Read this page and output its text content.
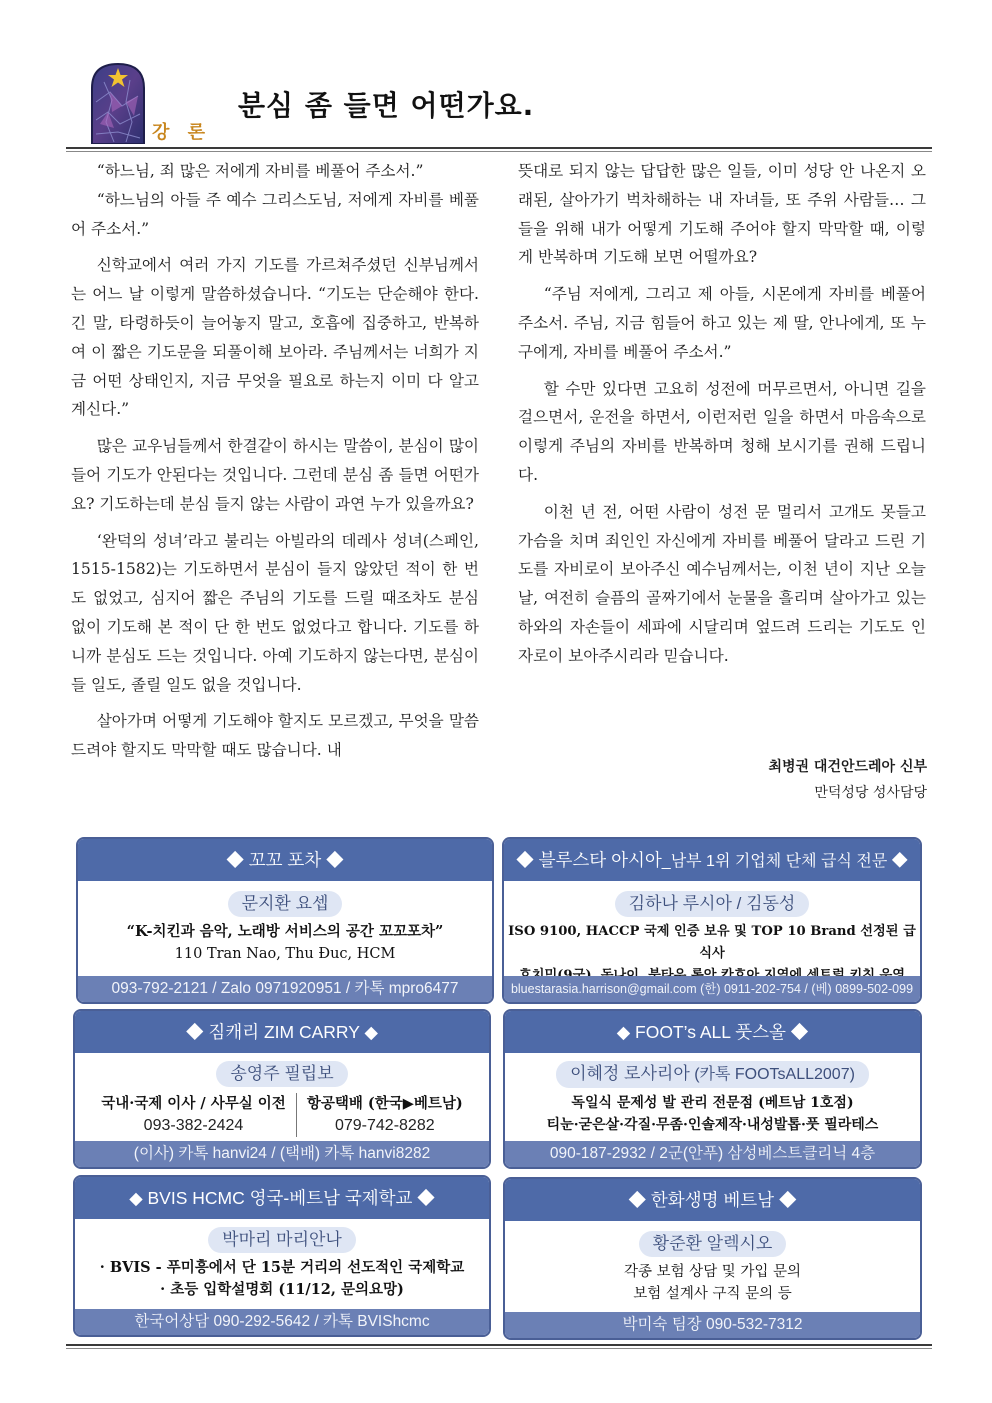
강 론
분심 좀 들면 어떤가요.

“하느님, 죄 많은 저에게 자비를 베풀어 주소서.”

“하느님의 아들 주 예수 그리스도님, 저에게 자비를 베풀어 주소서.”

신학교에서 여러 가지 기도를 가르쳐주셨던 신부님께서는 어느 날 이렇게 말씀하셨습니다. “기도는 단순해야 한다. 긴 말, 타령하듯이 늘어놓지 말고, 호흡에 집중하고, 반복하여 이 짧은 기도문을 되풀이해 보아라. 주님께서는 너희가 지금 어떤 상태인지, 지금 무엇을 필요로 하는지 이미 다 알고 계신다.”

많은 교우님들께서 한결같이 하시는 말씀이, 분심이 많이 들어 기도가 안된다는 것입니다. 그런데 분심 좀 들면 어떤가요? 기도하는데 분심 들지 않는 사람이 과연 누가 있을까요?

‘완덕의 성녀’라고 불리는 아빌라의 데레사 성녀(스페인, 1515-1582)는 기도하면서 분심이 들지 않았던 적이 한 번도 없었고, 심지어 짧은 주님의 기도를 드릴 때조차도 분심 없이 기도해 본 적이 단 한 번도 없었다고 합니다. 기도를 하니까 분심도 드는 것입니다. 아예 기도하지 않는다면, 분심이 들 일도, 졸릴 일도 없을 것입니다.

살아가며 어떻게 기도해야 할지도 모르겠고, 무엇을 말씀드려야 할지도 막막할 때도 많습니다. 내

뜻대로 되지 않는 답답한 많은 일들, 이미 성당 안 나온지 오래된, 살아가기 벅차해하는 내 자녀들, 또 주위 사람들… 그들을 위해 내가 어떻게 기도해 주어야 할지 막막할 때, 이렇게 반복하며 기도해 보면 어떨까요?

“주님 저에게, 그리고 제 아들, 시몬에게 자비를 베풀어 주소서. 주님, 지금 힘들어 하고 있는 제 딸, 안나에게, 또 누구에게, 자비를 베풀어 주소서.”

할 수만 있다면 고요히 성전에 머무르면서, 아니면 길을 걸으면서, 운전을 하면서, 이런저런 일을 하면서 마음속으로 이렇게 주님의 자비를 반복하며 청해 보시기를 권해 드립니다.

이천 년 전, 어떤 사람이 성전 문 멀리서 고개도 못들고 가슴을 치며 죄인인 자신에게 자비를 베풀어 달라고 드린 기도를 자비로이 보아주신 예수님께서는, 이천 년이 지난 오늘날, 여전히 슬픔의 골짜기에서 눈물을 흘리며 살아가고 있는 하와의 자손들이 세파에 시달리며 엎드려 드리는 기도도 인자로이 보아주시리라 믿습니다.

최병권 대건안드레아 신부
만덕성당 성사담당
◆ 꼬꼬 포차 ◆
문지환 요셉
“K-치킨과 음악, 노래방 서비스의 공간 꼬꼬포차”
110 Tran Nao, Thu Đuc, HCM
093-792-2121 / Zalo 0971920951 / 카톡 mpro6477
◆ 블루스타 아시아_남부 1위 기업체 단체 급식 전문 ◆
김하나 루시아 / 김동성
ISO 9100, HACCP 국제 인증 보유 및 TOP 10 Brand 선정된 급식사

bluestarasia.harrison@gmail.com (한) 0911-202-754 / (베) 0899-502-099
◆ 짐캐리 ZIM CARRY ◆
송영주 필립보
국내·국제 이사 / 사무실 이전
093-382-2424
항공택배 (한국▶베트남)
079-742-8282
(이사) 카톡 hanvi24 / (택배) 카톡 hanvi8282
◆ FOOT’s ALL 풋스올 ◆
이혜정 로사리아 (카톡 FOOTsALL2007)
독일식 문제성 발 관리 전문점 (베트남 1호점)
티눈·굳은살·각질·무좀·인솔제작·내성발톱·풋 필라테스
090-187-2932 / 2군(안푸) 삼성베스트클리닉 4층
◆ BVIS HCMC 영국-베트남 국제학교 ◆
박마리 마리안나
· BVIS - 푸미흥에서 단 15분 거리의 선도적인 국제학교
· 초등 입학설명회 (11/12, 문의요망)
한국어상담 090-292-5642 / 카톡 BVIShcmc
◆ 한화생명 베트남 ◆
황준환 알렉시오
각종 보험 상담 및 가입 문의
보험 설계사 구직 문의 등
박미숙 팀장 090-532-7312
